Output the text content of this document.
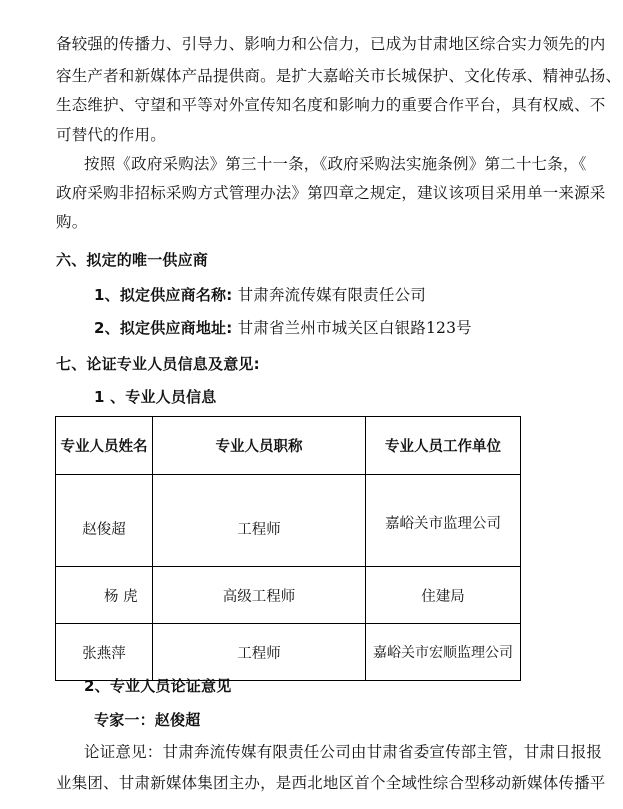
备较强的传播力、引导力、影响力和公信力，已成为甘肃地区综合实力领先的内
容生产者和新媒体产品提供商。是扩大嘉峪关市长城保护、文化传承、精神弘扬、
生态维护、守望和平等对外宣传知名度和影响力的重要合作平台，具有权威、不
可替代的作用。
按照《政府采购法》第三十一条，《政府采购法实施条例》第二十七条，《
政府采购非招标采购方式管理办法》第四章之规定，建议该项目采用单一来源采
购。
六、拟定的唯一供应商
1、拟定供应商名称: 甘肃奔流传媒有限责任公司
2、拟定供应商地址: 甘肃省兰州市城关区白银路123号
七、论证专业人员信息及意见:
1 、专业人员信息
专业人员姓名	专业人员职称	专业人员工作单位
赵俊超	工程师	嘉峪关市监理公司
杨 虎	高级工程师	住建局
张燕萍	工程师	嘉峪关市宏顺监理公司
2、专业人员论证意见
专家一：赵俊超
论证意见：甘肃奔流传媒有限责任公司由甘肃省委宣传部主管，甘肃日报报
业集团、甘肃新媒体集团主办，是西北地区首个全域性综合型移动新媒体传播平
